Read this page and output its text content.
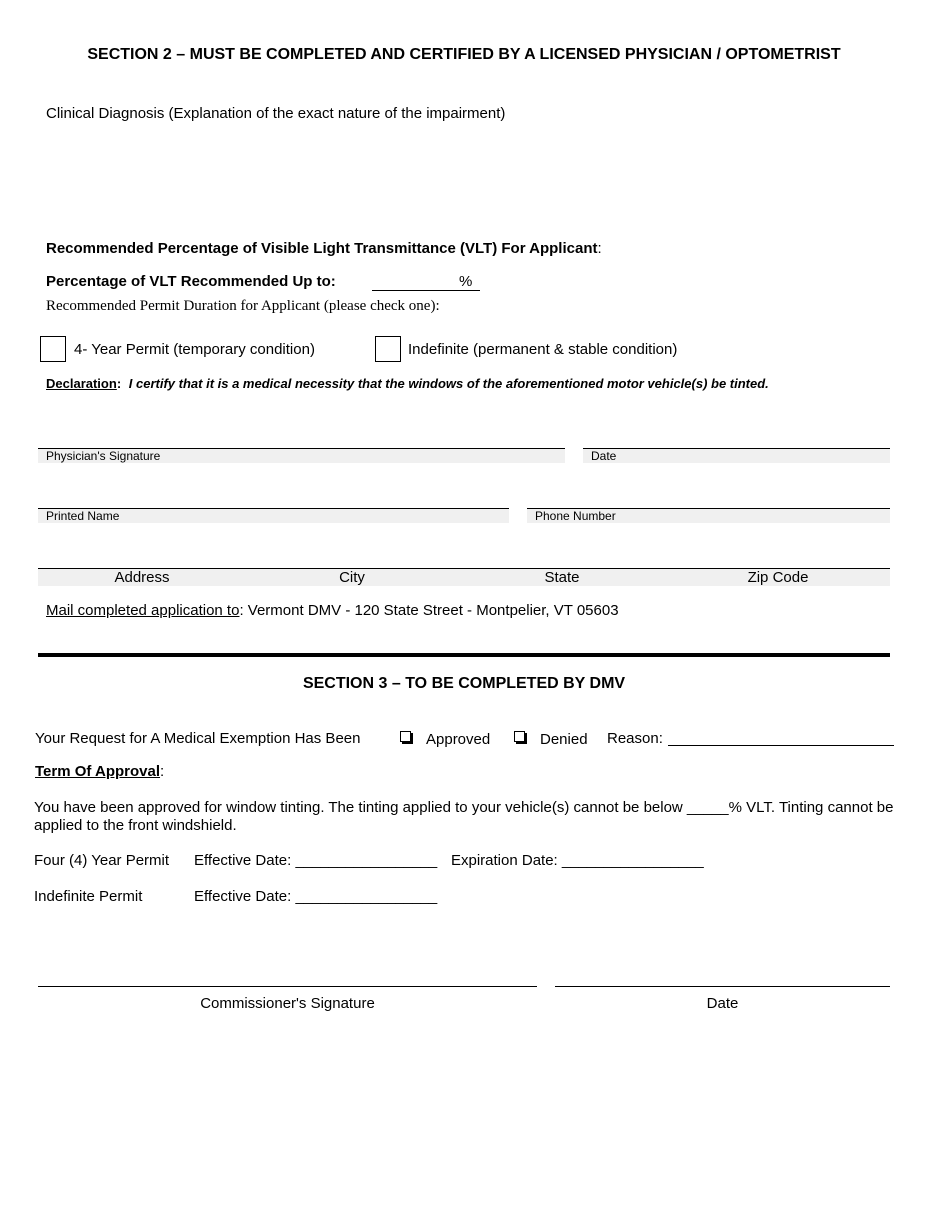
SECTION 2 – MUST BE COMPLETED AND CERTIFIED BY A LICENSED PHYSICIAN / OPTOMETRIST
Clinical Diagnosis (Explanation of the exact nature of the impairment)
Recommended Percentage of Visible Light Transmittance (VLT) For Applicant:
Percentage of VLT Recommended Up to:	%
Recommended Permit Duration for Applicant (please check one):
4- Year Permit (temporary condition)	Indefinite (permanent & stable condition)
Declaration: I certify that it is a medical necessity that the windows of the aforementioned motor vehicle(s) be tinted.
Physician's Signature	Date
Printed Name	Phone Number
Address	City	State	Zip Code
Mail completed application to: Vermont DMV - 120 State Street - Montpelier, VT 05603
SECTION 3 – TO BE COMPLETED BY DMV
Your Request for A Medical Exemption Has Been	Approved	Denied Reason:
Term Of Approval:
You have been approved for window tinting. The tinting applied to your vehicle(s) cannot be below _____% VLT. Tinting cannot be applied to the front windshield.
Four (4) Year Permit Effective Date: _________________ Expiration Date: _________________
Indefinite Permit	Effective Date: _________________
Commissioner's Signature	Date
